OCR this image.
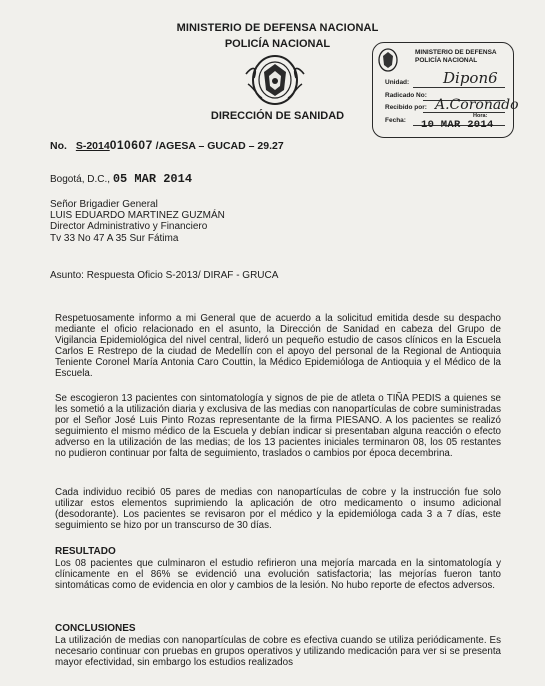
MINISTERIO DE DEFENSA NACIONAL
POLICÍA NACIONAL
DIRECCIÓN DE SANIDAD
MINISTERIO DE DEFENSA
POLICÍA NACIONAL
Unidad: Dipon6
Radicado No:
Recibido por: A.Coronado
Fecha:
Hora:
10 MAR 2014
No. S-2014010607 /AGESA – GUCAD – 29.27
Bogotá, D.C., 05 MAR 2014
Señor Brigadier General
LUIS EDUARDO MARTINEZ GUZMÁN
Director Administrativo y Financiero
Tv 33 No 47 A 35 Sur Fátima
Asunto: Respuesta Oficio S-2013/ DIRAF - GRUCA
Respetuosamente informo a mi General que de acuerdo a la solicitud emitida desde su despacho mediante el oficio relacionado en el asunto, la Dirección de Sanidad en cabeza del Grupo de Vigilancia Epidemiológica del nivel central, lideró un pequeño estudio de casos clínicos en la Escuela Carlos E Restrepo de la ciudad de Medellín con el apoyo del personal de la Regional de Antioquia Teniente Coronel María Antonia Caro Couttin, la Médico Epidemióloga de Antioquia y el Médico de la Escuela.
Se escogieron 13 pacientes con sintomatología y signos de pie de atleta o TIÑA PEDIS a quienes se les sometió a la utilización diaria y exclusiva de las medias con nanopartículas de cobre suministradas por el Señor José Luis Pinto Rozas representante de la firma PIESANO. A los pacientes se realizó seguimiento el mismo médico de la Escuela y debían indicar si presentaban alguna reacción o efecto adverso en la utilización de las medias; de los 13 pacientes iniciales terminaron 08, los 05 restantes no pudieron continuar por falta de seguimiento, traslados o cambios por época decembrina.
Cada individuo recibió 05 pares de medias con nanopartículas de cobre y la instrucción fue solo utilizar estos elementos suprimiendo la aplicación de otro medicamento o insumo adicional (desodorante). Los pacientes se revisaron por el médico y la epidemióloga cada 3 a 7 días, este seguimiento se hizo por un transcurso de 30 días.
RESULTADO
Los 08 pacientes que culminaron el estudio refirieron una mejoría marcada en la sintomatología y clínicamente en el 86% se evidenció una evolución satisfactoria; las mejorías fueron tanto sintomáticas como de evidencia en olor y cambios de la lesión. No hubo reporte de efectos adversos.
CONCLUSIONES
La utilización de medias con nanopartículas de cobre es efectiva cuando se utiliza periódicamente. Es necesario continuar con pruebas en grupos operativos y utilizando medicación para ver si se presenta mayor efectividad, sin embargo los estudios realizados
